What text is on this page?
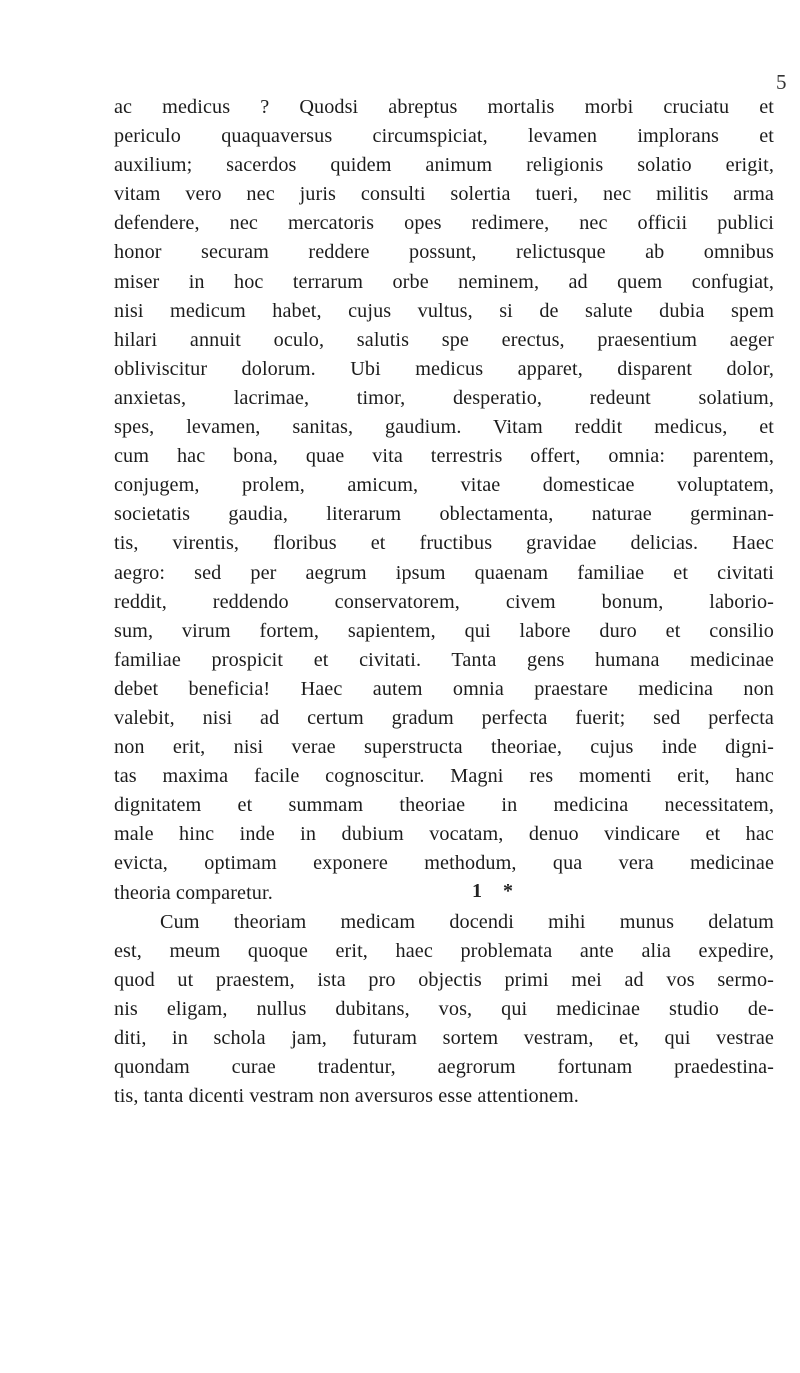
5
ac medicus ? Quodsi abreptus mortalis morbi cruciatu et
periculo quaquaversus circumspiciat, levamen implorans et
auxilium; sacerdos quidem animum religionis solatio erigit,
vitam vero nec juris consulti solertia tueri, nec militis arma
defendere, nec mercatoris opes redimere, nec officii publici
honor securam reddere possunt, relictusque ab omnibus
miser in hoc terrarum orbe neminem, ad quem confugiat,
nisi medicum habet, cujus vultus, si de salute dubia spem
hilari annuit oculo, salutis spe erectus, praesentium aeger
obliviscitur dolorum. Ubi medicus apparet, disparent dolor,
anxietas, lacrimae, timor, desperatio, redeunt solatium,
spes, levamen, sanitas, gaudium. Vitam reddit medicus, et
cum hac bona, quae vita terrestris offert, omnia: parentem,
conjugem, prolem, amicum, vitae domesticae voluptatem,
societatis gaudia, literarum oblectamenta, naturae germinan-
tis, virentis, floribus et fructibus gravidae delicias. Haec
aegro: sed per aegrum ipsum quaenam familiae et civitati
reddit, reddendo conservatorem, civem bonum, laborio-
sum, virum fortem, sapientem, qui labore duro et consilio
familiae prospicit et civitati. Tanta gens humana medicinae
debet beneficia! Haec autem omnia praestare medicina non
valebit, nisi ad certum gradum perfecta fuerit; sed perfecta
non erit, nisi verae superstructa theoriae, cujus inde digni-
tas maxima facile cognoscitur. Magni res momenti erit, hanc
dignitatem et summam theoriae in medicina necessitatem,
male hinc inde in dubium vocatam, denuo vindicare et hac
evicta, optimam exponere methodum, qua vera medicinae
theoria comparetur.
Cum theoriam medicam docendi mihi munus delatum
est, meum quoque erit, haec problemata ante alia expedire,
quod ut praestem, ista pro objectis primi mei ad vos sermo-
nis eligam, nullus dubitans, vos, qui medicinae studio de-
diti, in schola jam, futuram sortem vestram, et, qui vestrae
quondam curae tradentur, aegrorum fortunam praedestina-
tis, tanta dicenti vestram non aversuros esse attentionem.
1 *
